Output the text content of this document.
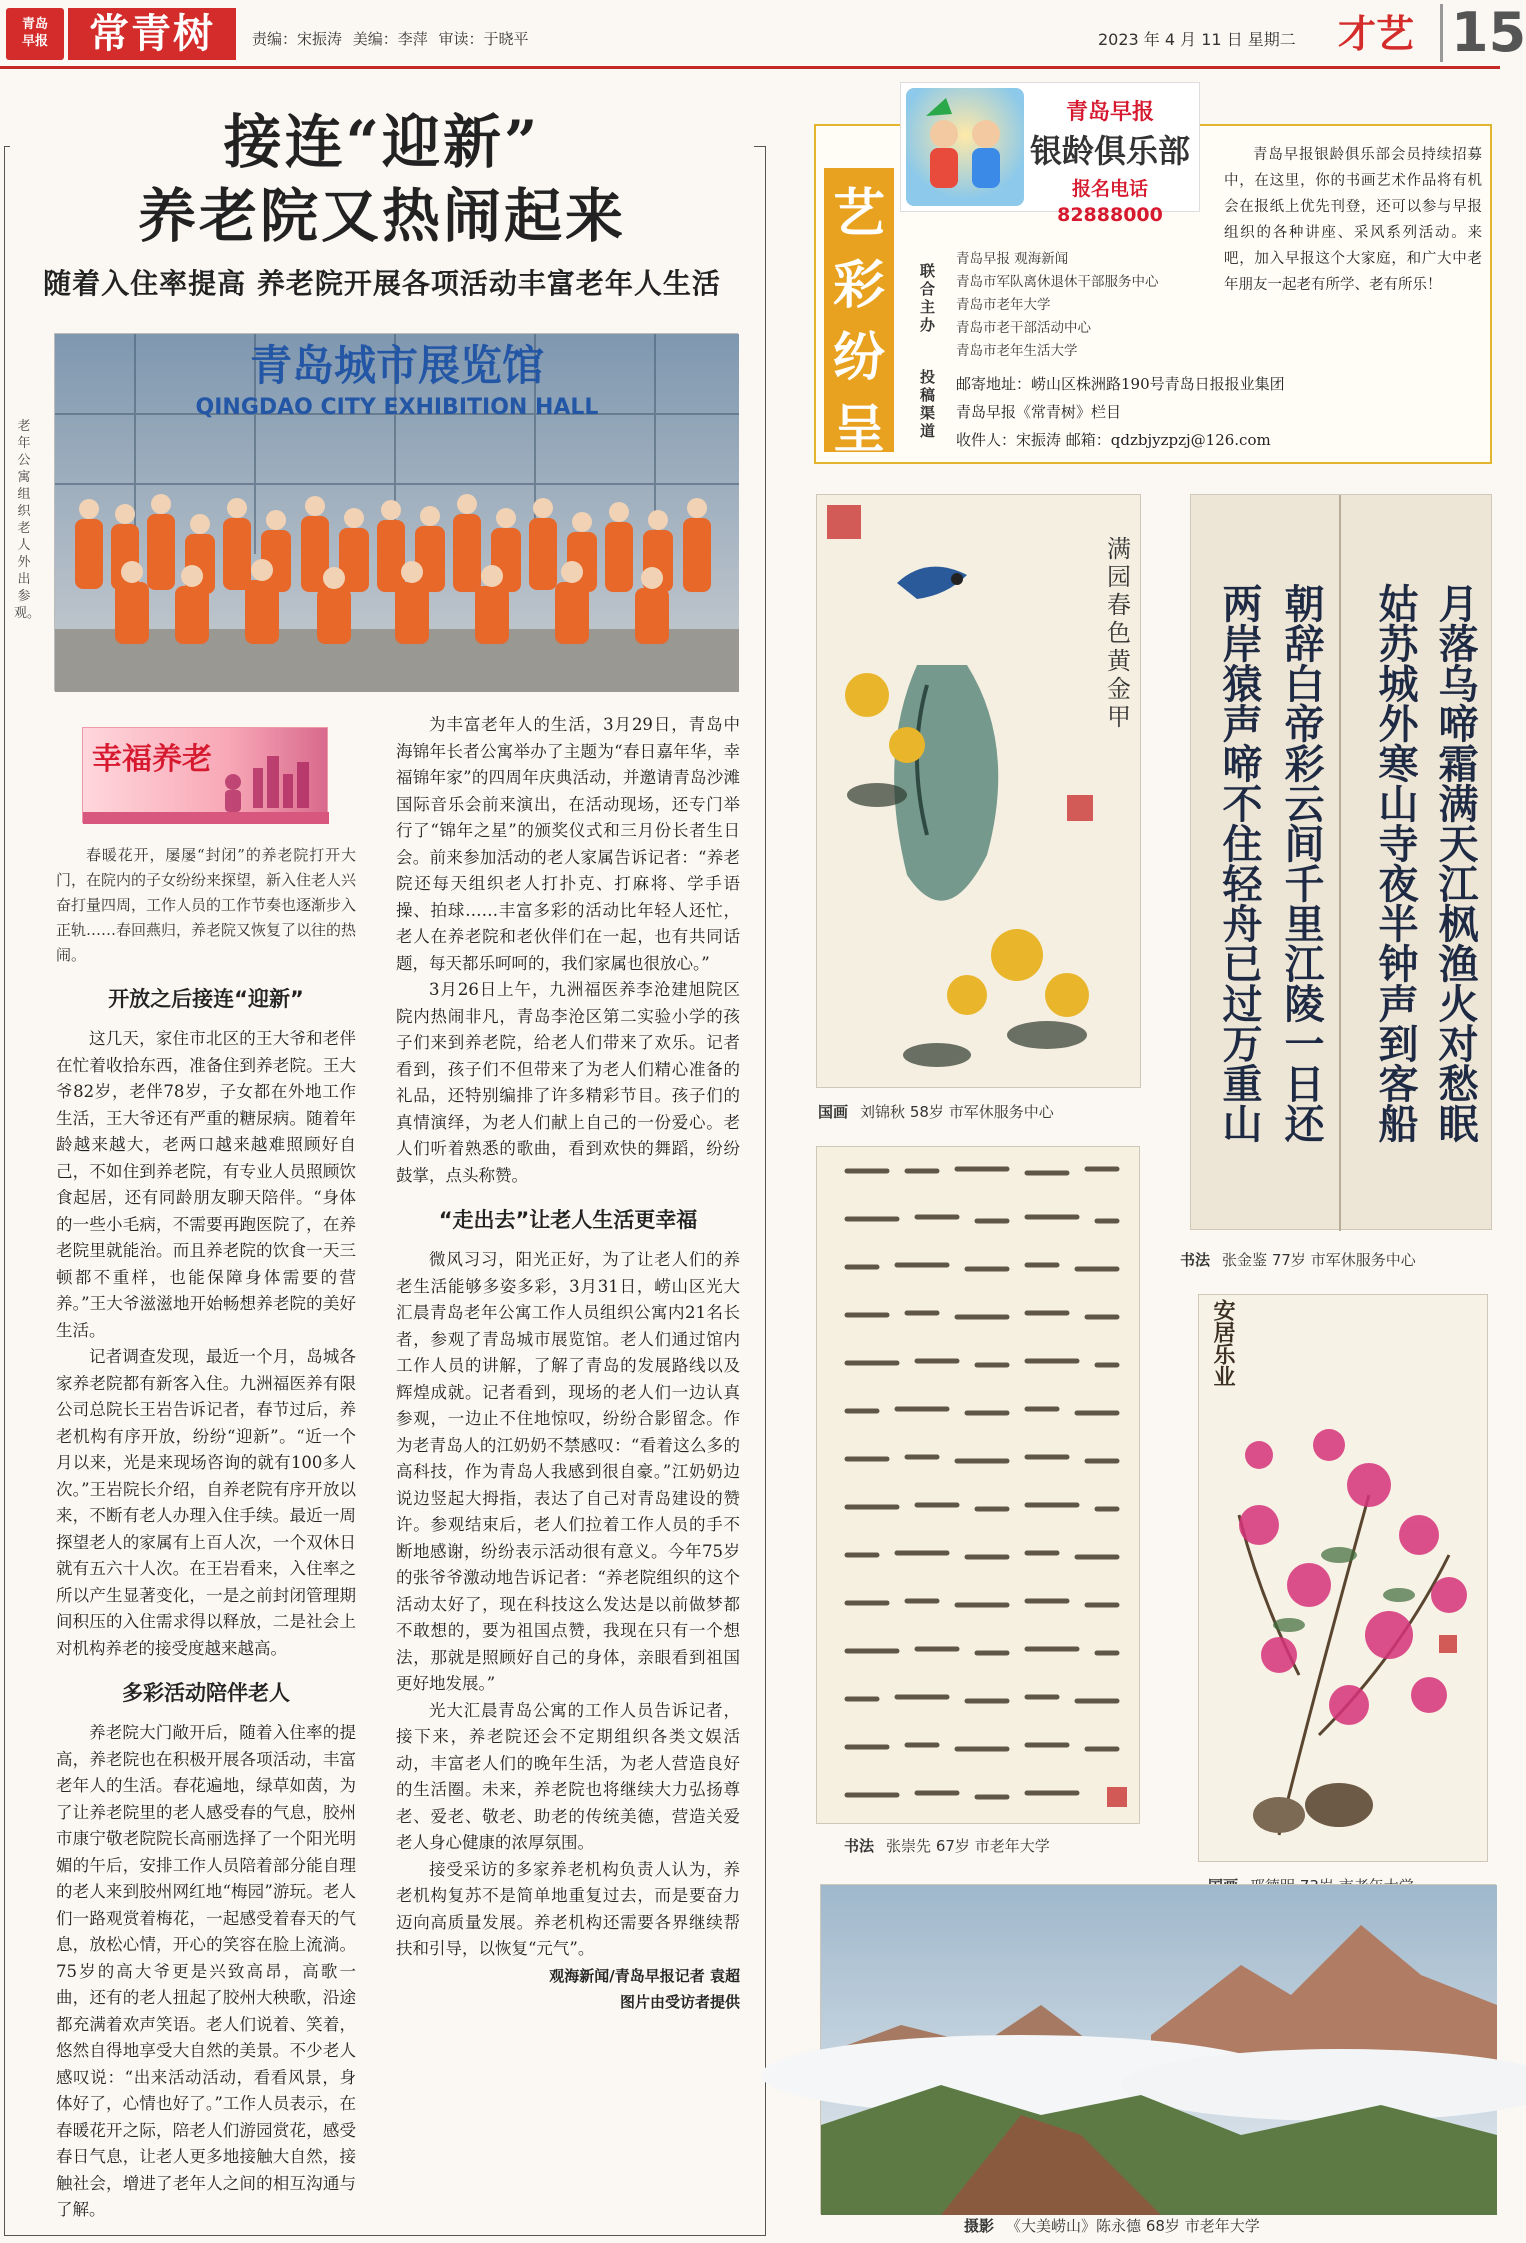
青岛
早报	常青树	责编：宋振涛 美编：李萍 审读：于晓平	2023 年 4 月 11 日 星期二 才艺 15
接连“迎新”
养老院又热闹起来
随着入住率提高 养老院开展各项活动丰富老年人生活
青岛城市展览馆
QINGDAO CITY EXHIBITION HALL
老年公寓组织老人外出参观。
幸福养老

春暖花开，屡屡“封闭”的养老院打开大门，在院内的子女纷纷来探望，新入住老人兴奋打量四周，工作人员的工作节奏也逐渐步入正轨……春回燕归，养老院又恢复了以往的热闹。

开放之后接连“迎新”

这几天，家住市北区的王大爷和老伴在忙着收拾东西，准备住到养老院。王大爷82岁，老伴78岁，子女都在外地工作生活，王大爷还有严重的糖尿病。随着年龄越来越大，老两口越来越难照顾好自己，不如住到养老院，有专业人员照顾饮食起居，还有同龄朋友聊天陪伴。“身体的一些小毛病，不需要再跑医院了，在养老院里就能治。而且养老院的饮食一天三顿都不重样，也能保障身体需要的营养。”王大爷滋滋地开始畅想养老院的美好生活。

记者调查发现，最近一个月，岛城各家养老院都有新客入住。九洲福医养有限公司总院长王岩告诉记者，春节过后，养老机构有序开放，纷纷“迎新”。“近一个月以来，光是来现场咨询的就有100多人次。”王岩院长介绍，自养老院有序开放以来，不断有老人办理入住手续。最近一周探望老人的家属有上百人次，一个双休日就有五六十人次。在王岩看来，入住率之所以产生显著变化，一是之前封闭管理期间积压的入住需求得以释放，二是社会上对机构养老的接受度越来越高。

多彩活动陪伴老人

养老院大门敞开后，随着入住率的提高，养老院也在积极开展各项活动，丰富老年人的生活。春花遍地，绿草如茵，为了让养老院里的老人感受春的气息，胶州市康宁敬老院院长高丽选择了一个阳光明媚的午后，安排工作人员陪着部分能自理的老人来到胶州网红地“梅园”游玩。老人们一路观赏着梅花，一起感受着春天的气息，放松心情，开心的笑容在脸上流淌。75岁的高大爷更是兴致高昂，高歌一曲，还有的老人扭起了胶州大秧歌，沿途都充满着欢声笑语。老人们说着、笑着，悠然自得地享受大自然的美景。不少老人感叹说：“出来活动活动，看看风景，身体好了，心情也好了。”工作人员表示，在春暖花开之际，陪老人们游园赏花，感受春日气息，让老人更多地接触大自然，接触社会，增进了老年人之间的相互沟通与了解。

为丰富老年人的生活，3月29日，青岛中海锦年长者公寓举办了主题为“春日嘉年华，幸福锦年家”的四周年庆典活动，并邀请青岛沙滩国际音乐会前来演出，在活动现场，还专门举行了“锦年之星”的颁奖仪式和三月份长者生日会。前来参加活动的老人家属告诉记者：“养老院还每天组织老人打扑克、打麻将、学手语操、拍球……丰富多彩的活动比年轻人还忙，老人在养老院和老伙伴们在一起，也有共同话题，每天都乐呵呵的，我们家属也很放心。”

3月26日上午，九洲福医养李沧建旭院区院内热闹非凡，青岛李沧区第二实验小学的孩子们来到养老院，给老人们带来了欢乐。记者看到，孩子们不但带来了为老人们精心准备的礼品，还特别编排了许多精彩节目。孩子们的真情演绎，为老人们献上自己的一份爱心。老人们听着熟悉的歌曲，看到欢快的舞蹈，纷纷鼓掌，点头称赞。

“走出去”让老人生活更幸福

微风习习，阳光正好，为了让老人们的养老生活能够多姿多彩，3月31日，崂山区光大汇晨青岛老年公寓工作人员组织公寓内21名长者，参观了青岛城市展览馆。老人们通过馆内工作人员的讲解，了解了青岛的发展路线以及辉煌成就。记者看到，现场的老人们一边认真参观，一边止不住地惊叹，纷纷合影留念。作为老青岛人的江奶奶不禁感叹：“看着这么多的高科技，作为青岛人我感到很自豪。”江奶奶边说边竖起大拇指，表达了自己对青岛建设的赞许。参观结束后，老人们拉着工作人员的手不断地感谢，纷纷表示活动很有意义。今年75岁的张爷爷激动地告诉记者：“养老院组织的这个活动太好了，现在科技这么发达是以前做梦都不敢想的，要为祖国点赞，我现在只有一个想法，那就是照顾好自己的身体，亲眼看到祖国更好地发展。”

光大汇晨青岛公寓的工作人员告诉记者，接下来，养老院还会不定期组织各类文娱活动，丰富老人们的晚年生活，为老人营造良好的生活圈。未来，养老院也将继续大力弘扬尊老、爱老、敬老、助老的传统美德，营造关爱老人身心健康的浓厚氛围。

接受采访的多家养老机构负责人认为，养老机构复苏不是简单地重复过去，而是要奋力迈向高质量发展。养老机构还需要各界继续帮扶和引导，以恢复“元气”。

观海新闻/青岛早报记者 袁超
图片由受访者提供
艺彩纷呈
青岛早报
银龄俱乐部
报名电话 82888000
青岛早报银龄俱乐部会员持续招募中，在这里，你的书画艺术作品将有机会在报纸上优先刊登，还可以参与早报组织的各种讲座、采风系列活动。来吧，加入早报这个大家庭，和广大中老年朋友一起老有所学、老有所乐！
联合主办
青岛早报 观海新闻
青岛市军队离休退休干部服务中心
青岛市老年大学
青岛市老干部活动中心
青岛市老年生活大学
投稿渠道
邮寄地址：崂山区株洲路190号青岛日报报业集团青岛早报《常青树》栏目
收件人：宋振涛 邮箱：qdzbjyzpzj@126.com
满园春色黄金甲
国画 刘锦秋 58岁 市军休服务中心	月落乌啼霜满天江枫渔火对愁眠
姑苏城外寒山寺夜半钟声到客船
朝辞白帝彩云间千里江陵一日还
两岸猿声啼不住轻舟已过万重山
书法 张金鉴 77岁 市军休服务中心
书法 张崇先 67岁 市老年大学
安居乐业
摄影 《大美崂山》陈永德 68岁 市老年大学
